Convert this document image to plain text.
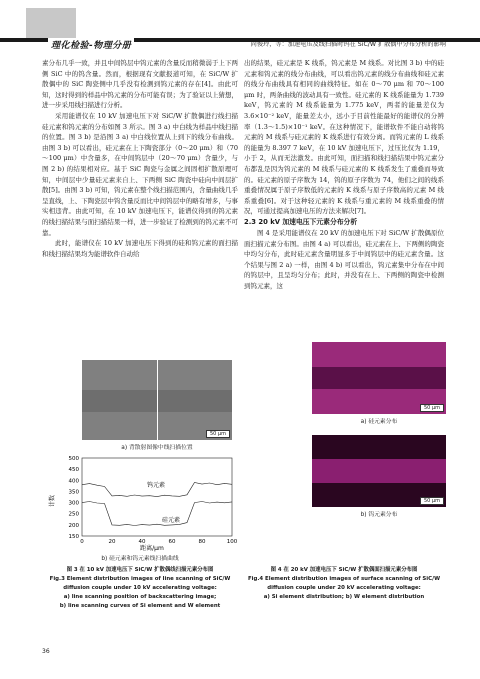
理化检验-物理分册	尚俊玲，等：加速电压及线扫描时钨在 SiC/W 扩散偶中分布分析的影响

素分布几乎一致，并且中间钨层中钨元素的含量反而稍微弱于上下两侧 SiC 中的钨含量。然而，根据现有文献报道可知，在 SiC/W 扩散偶中的 SiC 陶瓷侧中几乎没有检测到钨元素的存在[4]。由此可知，这时得到的样品中钨元素的分布可能有误；为了验证以上猜想，进一步采用线扫描进行分析。

采用能谱仪在 10 kV 加速电压下对 SiC/W 扩散偶进行线扫描硅元素和钨元素的分布如图 3 所示。图 3 a) 中白线为样品中线扫描的位置。图 3 b) 是沿图 3 a) 中白线位置从上到下的线分布曲线。由图 3 b) 可以看出，硅元素在上下陶瓷部分（0～20 μm）和（70～100 μm）中含量多，在中间钨层中（20～70 μm）含量少，与图 2 b) 的结果相对应。基于 SiC 陶瓷与金属之间固相扩散原理可知，中间层中少量硅元素来自上、下两侧 SiC 陶瓷中硅向中间层扩散[5]。由图 3 b) 可知，钨元素在整个线扫描范围内，含量曲线几乎呈直线，上、下陶瓷层中钨含量反而比中间钨层中的略有增多，与事实相违背。由此可知，在 10 kV 加速电压下，能谱仪得到的钨元素的线扫描结果与面扫描结果一样，进一步验证了检测到的钨元素不可靠。

此时，能谱仪在 10 kV 加速电压下得到的硅和钨元素的面扫描和线扫描结果均为能谱软件自动给

出的结果，硅元素是 K 线系，钨元素是 M 线系。对比图 3 b) 中的硅元素和钨元素的线分布曲线，可以看出钨元素的线分布曲线和硅元素的线分布曲线具有相同的曲线特征。如在 0～70 μm 和 70～100 μm 时，两条曲线的波动具有一致性。硅元素的 K 线系能量为 1.739 keV，钨元素的 M 线系能量为 1.775 keV，两者的能量差仅为 3.6×10⁻² keV，能量差太小，远小于目前性能最好的能谱仪的分辨率（1.3～1.5)×10⁻¹ keV。在这种情况下，能谱软件不能自动将钨元素的 M 线系与硅元素的 K 线系进行有效分离。而钨元素的 L 线系的能量为 8.397 7 keV，在 10 kV 加速电压下，过压比仅为 1.19，小于 2，从而无法激发。由此可知，面扫描和线扫描结果中钨元素分布都乱是因为钨元素的 M 线系与硅元素的 K 线系发生了重叠而导致的。硅元素的原子序数为 14，钨的原子序数为 74，他们之间的线系重叠情况属于原子序数低的元素的 K 线系与原子序数高的元素 M 线系重叠[6]。对于这种轻元素的 K 线系与重元素的 M 线系重叠的情况，可通过提高加速电压的方法来解决[7]。

2.3 20 kV 加速电压下元素分布分析

图 4 是采用能谱仪在 20 kV 的加速电压下对 SiC/W 扩散偶原位面扫描元素分布图。由图 4 a) 可以看出，硅元素在上、下两侧的陶瓷中均匀分布，此时硅元素含量明显多于中间钨层中的硅元素含量。这个结果与图 2 a) 一样，由图 4 b) 可以看出，钨元素集中分布在中间的钨层中，且呈均匀分布；此时，并没有在上、下两侧的陶瓷中检测到钨元素，这

50 μm
a) 背散射图像中线扫描位置
500
450
400
350
300
250
200
150
0	20	40	60	80	100
钨元素
硅元素
计数
距离/μm
b) 硅元素和钨元素线扫描曲线
图 3 在 10 kV 加速电压下 SiC/W 扩散偶线扫描元素分布图
Fig.3 Element distribution images of line scanning of SiC/W
diffusion couple under 10 kV accelerating voltage:
a) line scanning position of backscattering image;
b) line scanning curves of Si element and W element
50 μm
a) 硅元素分布
50 μm
b) 钨元素分布
图 4 在 20 kV 加速电压下 SiC/W 扩散偶面扫描元素分布图
Fig.4 Element distribution images of surface scanning of SiC/W
diffusion couple under 20 kV accelerating voltage:
a) Si element distribution; b) W element distribution
36
